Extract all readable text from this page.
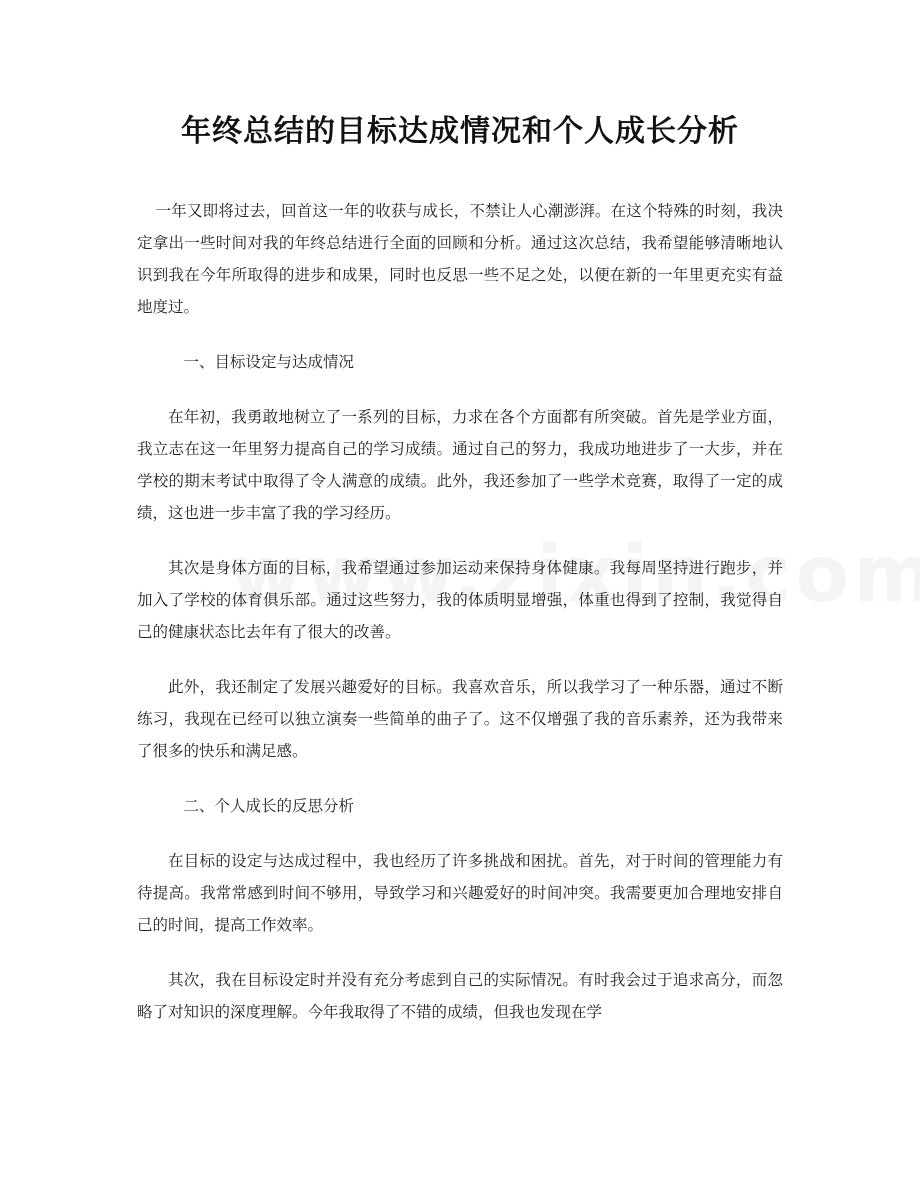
年终总结的目标达成情况和个人成长分析

一年又即将过去，回首这一年的收获与成长，不禁让人心潮澎湃。在这个特殊的时刻，我决定拿出一些时间对我的年终总结进行全面的回顾和分析。通过这次总结，我希望能够清晰地认识到我在今年所取得的进步和成果，同时也反思一些不足之处，以便在新的一年里更充实有益地度过。

一、目标设定与达成情况

在年初，我勇敢地树立了一系列的目标，力求在各个方面都有所突破。首先是学业方面，我立志在这一年里努力提高自己的学习成绩。通过自己的努力，我成功地进步了一大步，并在学校的期末考试中取得了令人满意的成绩。此外，我还参加了一些学术竞赛，取得了一定的成绩，这也进一步丰富了我的学习经历。

其次是身体方面的目标，我希望通过参加运动来保持身体健康。我每周坚持进行跑步，并加入了学校的体育俱乐部。通过这些努力，我的体质明显增强，体重也得到了控制，我觉得自己的健康状态比去年有了很大的改善。

此外，我还制定了发展兴趣爱好的目标。我喜欢音乐，所以我学习了一种乐器，通过不断练习，我现在已经可以独立演奏一些简单的曲子了。这不仅增强了我的音乐素养，还为我带来了很多的快乐和满足感。

二、个人成长的反思分析

在目标的设定与达成过程中，我也经历了许多挑战和困扰。首先，对于时间的管理能力有待提高。我常常感到时间不够用，导致学习和兴趣爱好的时间冲突。我需要更加合理地安排自己的时间，提高工作效率。

其次，我在目标设定时并没有充分考虑到自己的实际情况。有时我会过于追求高分，而忽略了对知识的深度理解。今年我取得了不错的成绩，但我也发现在学
